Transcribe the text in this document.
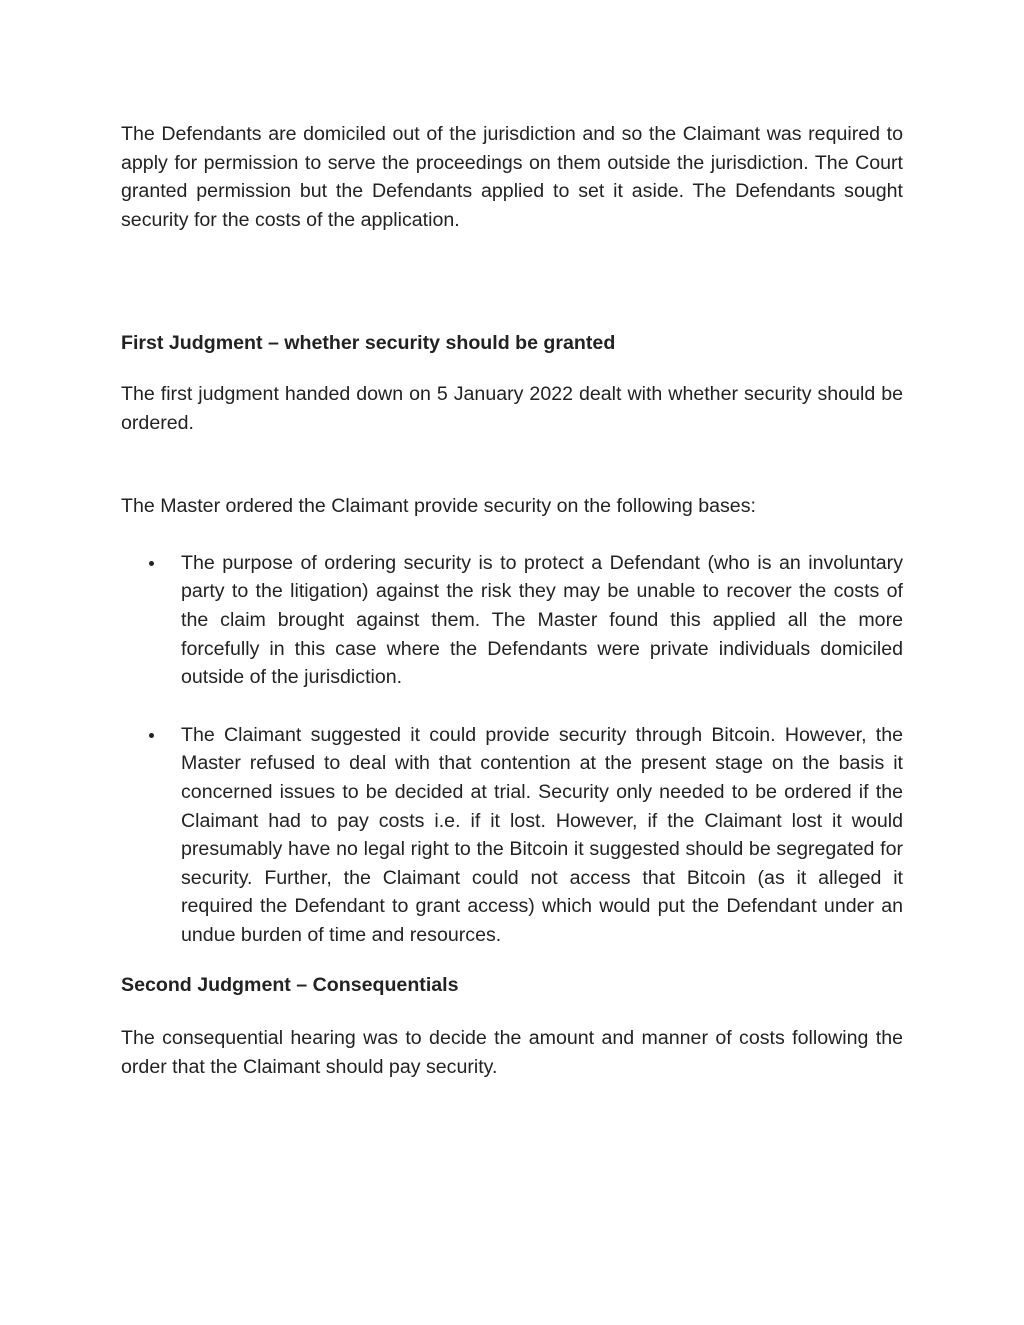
The Defendants are domiciled out of the jurisdiction and so the Claimant was required to apply for permission to serve the proceedings on them outside the jurisdiction. The Court granted permission but the Defendants applied to set it aside. The Defendants sought security for the costs of the application.

First Judgment – whether security should be granted

The first judgment handed down on 5 January 2022 dealt with whether security should be ordered.

The Master ordered the Claimant provide security on the following bases:

The purpose of ordering security is to protect a Defendant (who is an involuntary party to the litigation) against the risk they may be unable to recover the costs of the claim brought against them. The Master found this applied all the more forcefully in this case where the Defendants were private individuals domiciled outside of the jurisdiction.
The Claimant suggested it could provide security through Bitcoin. However, the Master refused to deal with that contention at the present stage on the basis it concerned issues to be decided at trial. Security only needed to be ordered if the Claimant had to pay costs i.e. if it lost. However, if the Claimant lost it would presumably have no legal right to the Bitcoin it suggested should be segregated for security. Further, the Claimant could not access that Bitcoin (as it alleged it required the Defendant to grant access) which would put the Defendant under an undue burden of time and resources.

Second Judgment – Consequentials

The consequential hearing was to decide the amount and manner of costs following the order that the Claimant should pay security.
